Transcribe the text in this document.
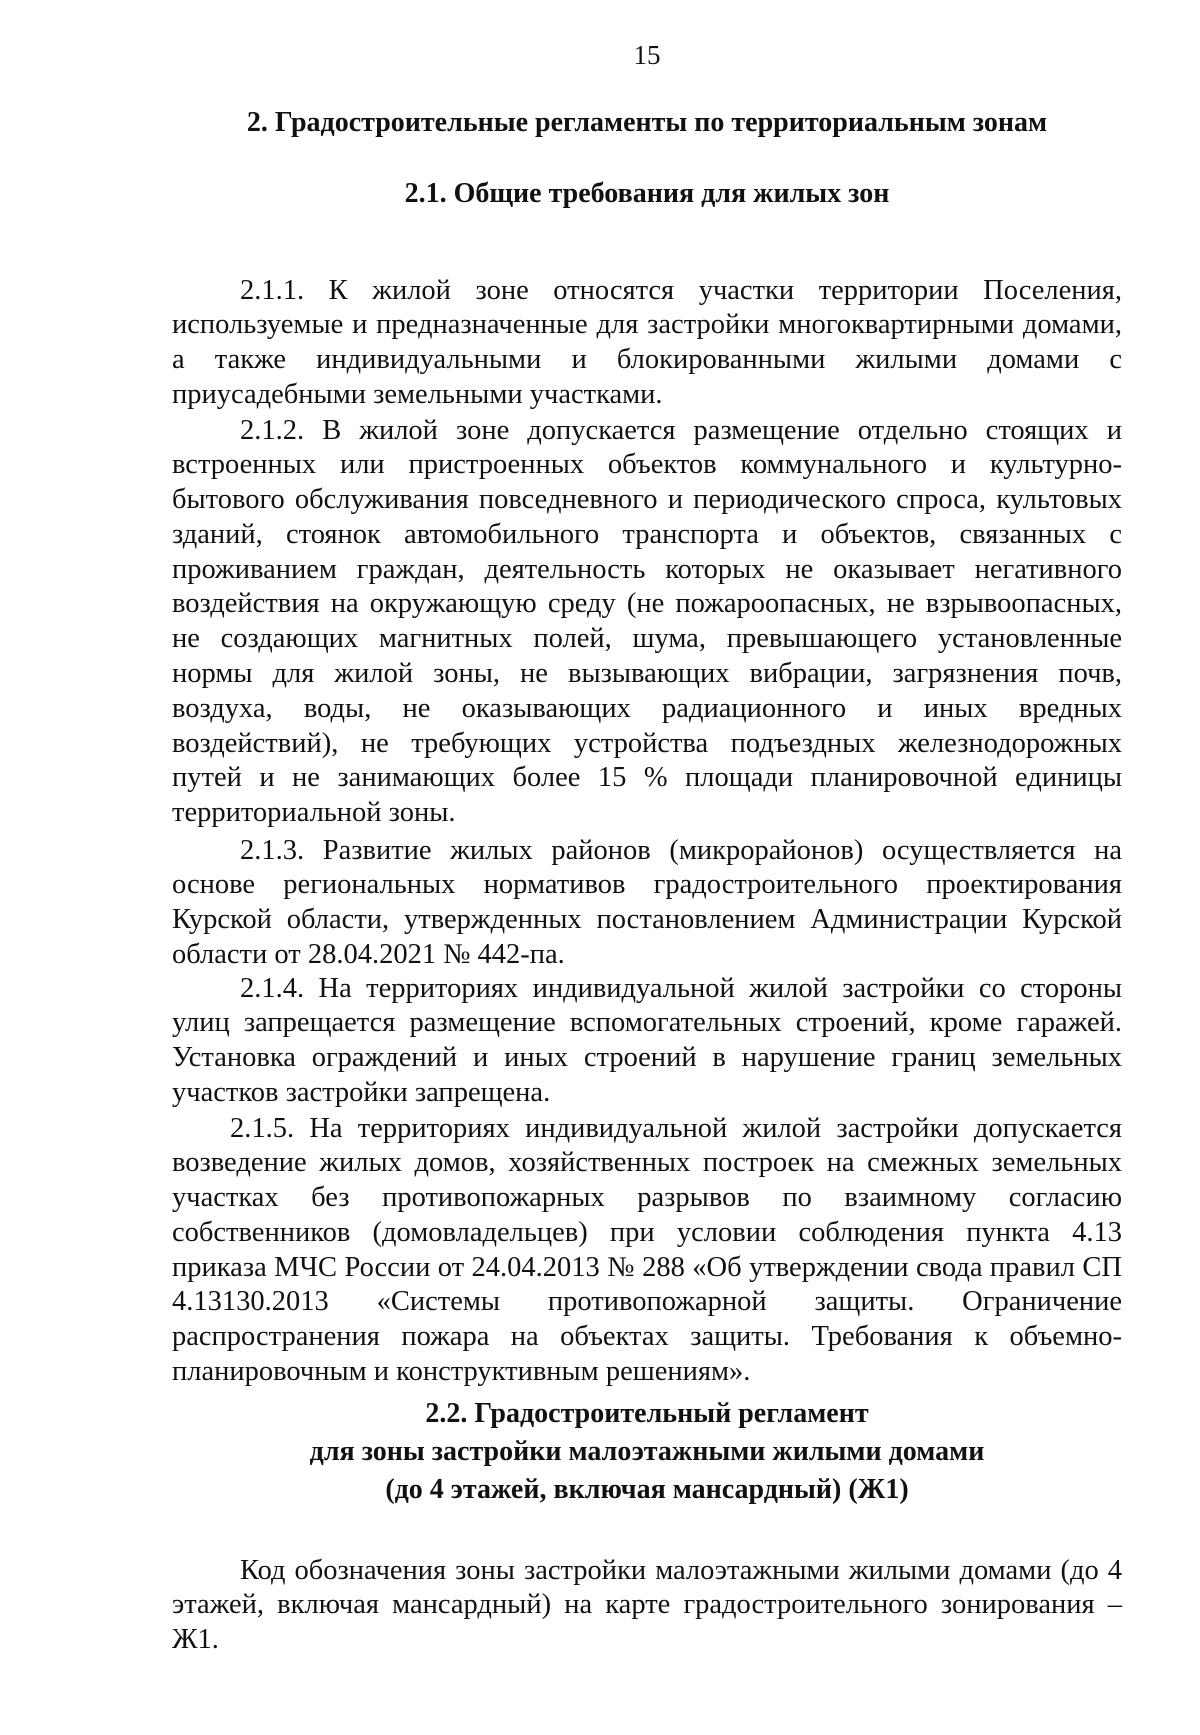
15
2. Градостроительные регламенты по территориальным зонам
2.1. Общие требования для жилых зон

2.1.1. К жилой зоне относятся участки территории Поселения, используемые и предназначенные для застройки многоквартирными домами, а также индивидуальными и блокированными жилыми домами с приусадебными земельными участками.

2.1.2. В жилой зоне допускается размещение отдельно стоящих и встроенных или пристроенных объектов коммунального и культурно-бытового обслуживания повседневного и периодического спроса, культовых зданий, стоянок автомобильного транспорта и объектов, связанных с проживанием граждан, деятельность которых не оказывает негативного воздействия на окружающую среду (не пожароопасных, не взрывоопасных, не создающих магнитных полей, шума, превышающего установленные нормы для жилой зоны, не вызывающих вибрации, загрязнения почв, воздуха, воды, не оказывающих радиационного и иных вредных воздействий), не требующих устройства подъездных железнодорожных путей и не занимающих более 15 % площади планировочной единицы территориальной зоны.

2.1.3. Развитие жилых районов (микрорайонов) осуществляется на основе региональных нормативов градостроительного проектирования Курской области, утвержденных постановлением Администрации Курской области от 28.04.2021 № 442-па.

2.1.4. На территориях индивидуальной жилой застройки со стороны улиц запрещается размещение вспомогательных строений, кроме гаражей. Установка ограждений и иных строений в нарушение границ земельных участков застройки запрещена.

2.1.5. На территориях индивидуальной жилой застройки допускается возведение жилых домов, хозяйственных построек на смежных земельных участках без противопожарных разрывов по взаимному согласию собственников (домовладельцев) при условии соблюдения пункта 4.13 приказа МЧС России от 24.04.2013 № 288 «Об утверждении свода правил СП 4.13130.2013 «Системы противопожарной защиты. Ограничение распространения пожара на объектах защиты. Требования к объемно-планировочным и конструктивным решениям».

2.2. Градостроительный регламент
для зоны застройки малоэтажными жилыми домами
(до 4 этажей, включая мансардный) (Ж1)

Код обозначения зоны застройки малоэтажными жилыми домами (до 4 этажей, включая мансардный) на карте градостроительного зонирования – Ж1.
